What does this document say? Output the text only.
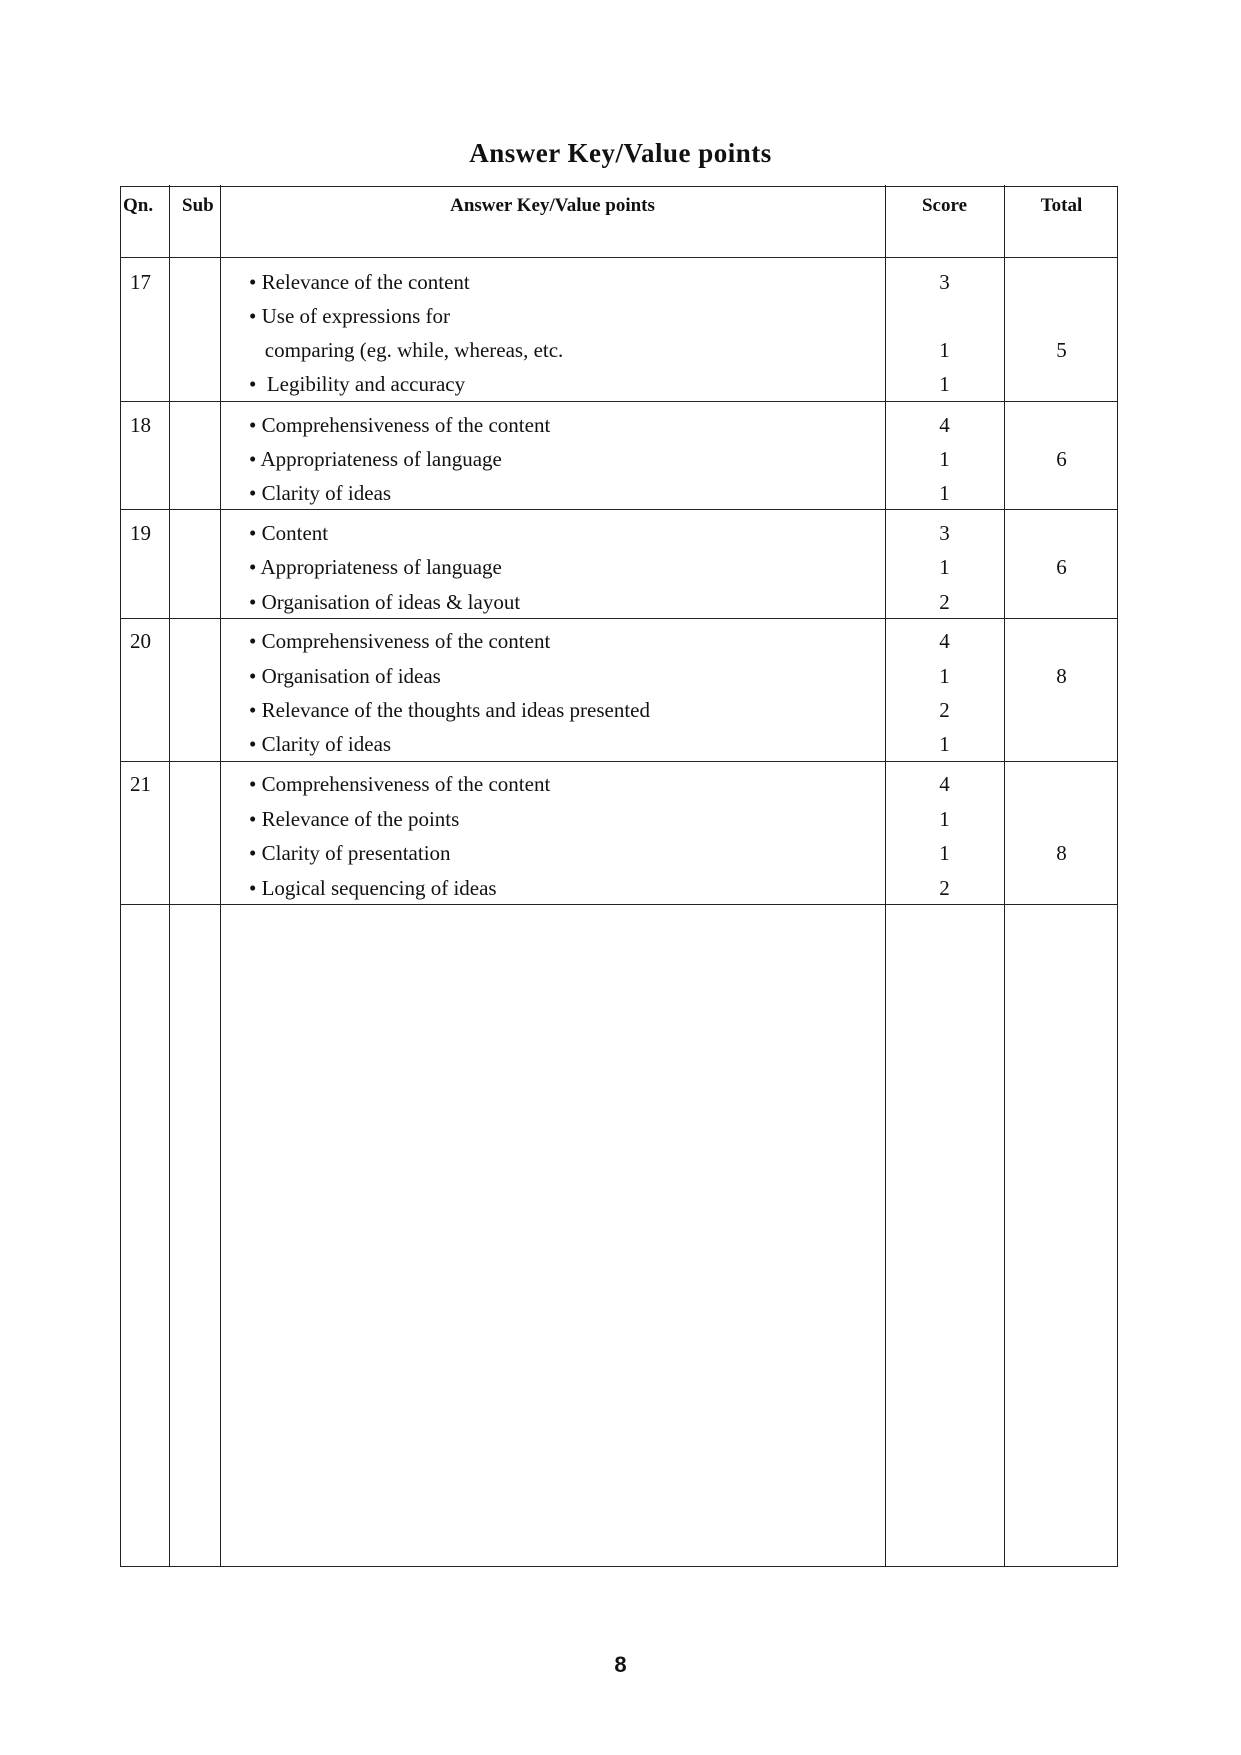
Answer Key/Value points
Qn. Sub	Answer Key/Value points	Score	Total
17	• Relevance of the content	3
• Use of expressions for
comparing (eg. while, whereas, etc.	1	5
•  Legibility and accuracy	1
18	• Comprehensiveness of the content	4
• Appropriateness of language	1	6
• Clarity of ideas	1
19	• Content	3
• Appropriateness of language	1	6
• Organisation of ideas & layout	2
20	• Comprehensiveness of the content	4
• Organisation of ideas	1	8
• Relevance of the thoughts and ideas presented	2
• Clarity of ideas	1
21	• Comprehensiveness of the content	4
• Relevance of the points	1
• Clarity of presentation	1	8
• Logical sequencing of ideas	2
8
